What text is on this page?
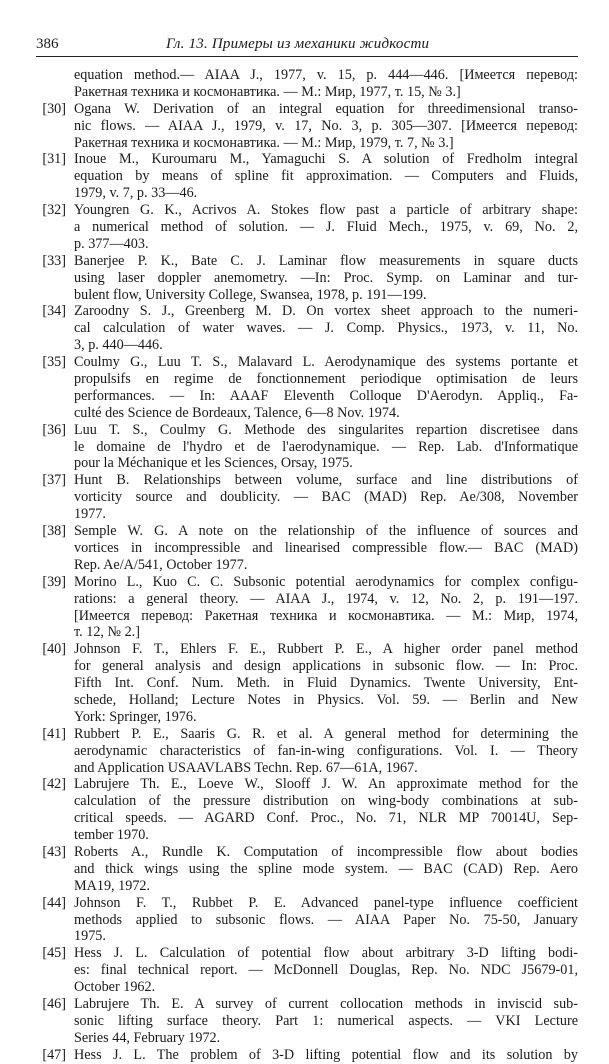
386	Гл. 13. Примеры из механики жидкости
equation method.— AIAA J., 1977, v. 15, p. 444—446. [Имеется перевод:
Ракетная техника и космонавтика. — М.: Мир, 1977, т. 15, № 3.]
[30] Ogana W. Derivation of an integral equation for threedimensional transo-
nic flows. — AIAA J., 1979, v. 17, No. 3, p. 305—307. [Имеется перевод:
Ракетная техника и космонавтика. — М.: Мир, 1979, т. 7, № 3.]
[31] Inoue M., Kuroumaru M., Yamaguchi S. A solution of Fredholm integral
equation by means of spline fit approximation. — Computers and Fluids,
1979, v. 7, p. 33—46.
[32] Youngren G. K., Acrivos A. Stokes flow past a particle of arbitrary shape:
a numerical method of solution. — J. Fluid Mech., 1975, v. 69, No. 2,
p. 377—403.
[33] Banerjee P. K., Bate C. J. Laminar flow measurements in square ducts
using laser doppler anemometry. —In: Proc. Symp. on Laminar and tur-
bulent flow, University College, Swansea, 1978, p. 191—199.
[34] Zaroodny S. J., Greenberg M. D. On vortex sheet approach to the numeri-
cal calculation of water waves. — J. Comp. Physics., 1973, v. 11, No.
3, p. 440—446.
[35] Coulmy G., Luu T. S., Malavard L. Aerodynamique des systems portante et
propulsifs en regime de fonctionnement periodique optimisation de leurs
performances. — In: AAAF Eleventh Colloque D'Aerodyn. Appliq., Fa-
culté des Science de Bordeaux, Talence, 6—8 Nov. 1974.
[36] Luu T. S., Coulmy G. Methode des singularites repartion discretisee dans
le domaine de l'hydro et de l'aerodynamique. — Rep. Lab. d'Informatique
pour la Méchanique et les Sciences, Orsay, 1975.
[37] Hunt B. Relationships between volume, surface and line distributions of
vorticity source and doublicity. — BAC (MAD) Rep. Ae/308, November
1977.
[38] Semple W. G. A note on the relationship of the influence of sources and
vortices in incompressible and linearised compressible flow.— BAC (MAD)
Rep. Ae/A/541, October 1977.
[39] Morino L., Kuo C. C. Subsonic potential aerodynamics for complex configu-
rations: a general theory. — AIAA J., 1974, v. 12, No. 2, p. 191—197.
[Имеется перевод: Ракетная техника и космонавтика. — М.: Мир, 1974,
т. 12, № 2.]
[40] Johnson F. T., Ehlers F. E., Rubbert P. E., A higher order panel method
for general analysis and design applications in subsonic flow. — In: Proc.
Fifth Int. Conf. Num. Meth. in Fluid Dynamics. Twente University, Ent-
schede, Holland; Lecture Notes in Physics. Vol. 59. — Berlin and New
York: Springer, 1976.
[41] Rubbert P. E., Saaris G. R. et al. A general method for determining the
aerodynamic characteristics of fan-in-wing configurations. Vol. I. — Theory
and Application USAAVLABS Techn. Rep. 67—61A, 1967.
[42] Labrujere Th. E., Loeve W., Slooff J. W. An approximate method for the
calculation of the pressure distribution on wing-body combinations at sub-
critical speeds. — AGARD Conf. Proc., No. 71, NLR MP 70014U, Sep-
tember 1970.
[43] Roberts A., Rundle K. Computation of incompressible flow about bodies
and thick wings using the spline mode system. — BAC (CAD) Rep. Aero
MA19, 1972.
[44] Johnson F. T., Rubbet P. E. Advanced panel-type influence coefficient
methods applied to subsonic flows. — AIAA Paper No. 75-50, January
1975.
[45] Hess J. L. Calculation of potential flow about arbitrary 3-D lifting bodi-
es: final technical report. — McDonnell Douglas, Rep. No. NDC J5679-01,
October 1962.
[46] Labrujere Th. E. A survey of current collocation methods in inviscid sub-
sonic lifting surface theory. Part 1: numerical aspects. — VKI Lecture
Series 44, February 1972.
[47] Hess J. L. The problem of 3-D lifting potential flow and its solution by
